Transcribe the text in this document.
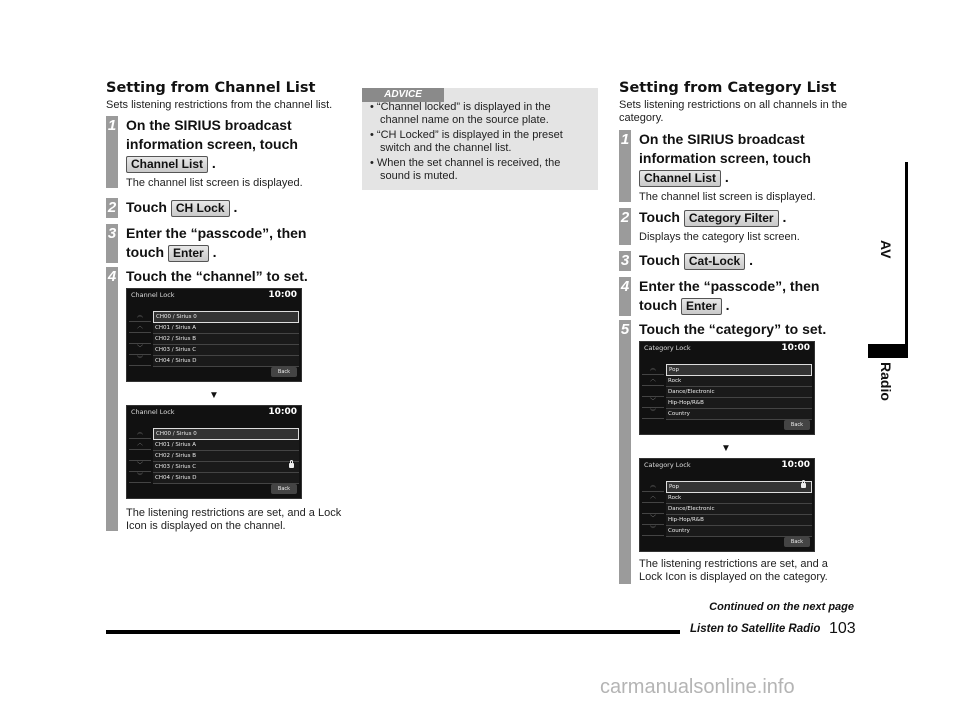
Setting from Channel List
Sets listening restrictions from the channel list.
1 On the SIRIUS broadcast
information screen, touch
Channel List .
The channel list screen is displayed.
2 Touch CH Lock .
3 Enter the “passcode”, then
touch Enter .
4 Touch the “channel” to set.
The listening restrictions are set, and a Lock Icon is displayed on the channel.
Channel Lock	10:00
︽
︿
﹀
︾
CH00 / Sirius 0
CH01 / Sirius A
CH02 / Sirius B
CH03 / Sirius C
CH04 / Sirius D
Back
▼
Channel Lock	10:00
︽
︿
﹀
︾
CH00 / Sirius 0
CH01 / Sirius A
CH02 / Sirius B
CH03 / Sirius C
CH04 / Sirius D
Back
ADVICE
• “Channel locked” is displayed in the channel name on the source plate.
• “CH Locked” is displayed in the preset switch and the channel list.
• When the set channel is received, the sound is muted.
Setting from Category List
Sets listening restrictions on all channels in the category.
1 On the SIRIUS broadcast
information screen, touch
Channel List .
The channel list screen is displayed.
2 Touch Category Filter .
Displays the category list screen.
3 Touch Cat-Lock .
4 Enter the “passcode”, then
touch Enter .
5 Touch the “category” to set.
The listening restrictions are set, and a Lock Icon is displayed on the category.
Category Lock	10:00
︽
︿
﹀
︾
Pop
Rock
Dance/Electronic
Hip-Hop/R&B
Country
Back
▼
Category Lock	10:00
︽
︿
﹀
︾
Pop
Rock
Dance/Electronic
Hip-Hop/R&B
Country
Back
AV
Radio
Continued on the next page
Listen to Satellite Radio 103
carmanualsonline.info
